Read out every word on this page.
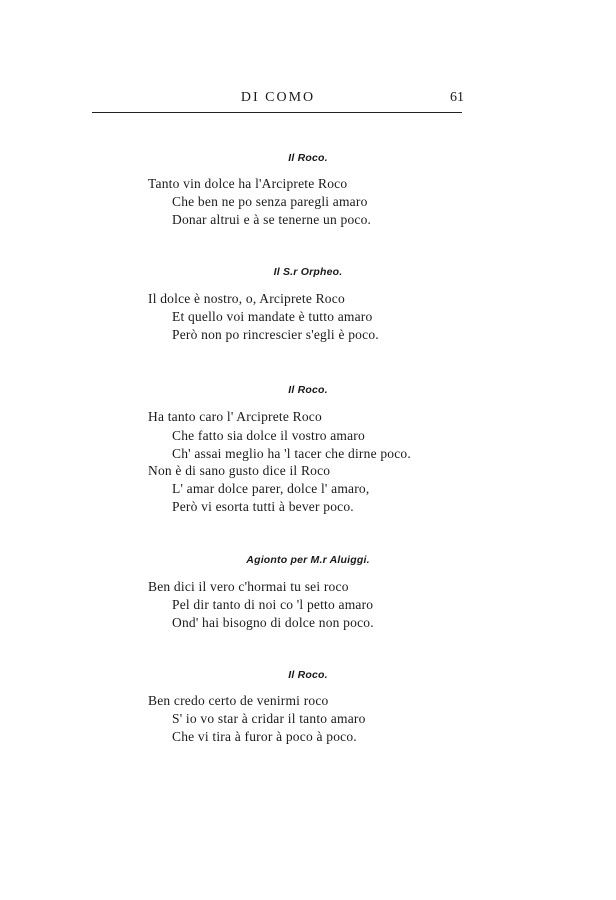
DI COMO	61
Il Roco.
Tanto vin dolce ha l'Arciprete Roco
Che ben ne po senza paregli amaro
Donar altrui e à se tenerne un poco.
Il S.r Orpheo.
Il dolce è nostro, o, Arciprete Roco
Et quello voi mandate è tutto amaro
Però non po rincrescier s'egli è poco.
Il Roco.
Ha tanto caro l' Arciprete Roco
Che fatto sia dolce il vostro amaro
Ch' assai meglio ha 'l tacer che dirne poco.
Non è di sano gusto dice il Roco
L' amar dolce parer, dolce l' amaro,
Però vi esorta tutti à bever poco.
Agionto per M.r Aluiggi.
Ben dici il vero c'hormai tu sei roco
Pel dir tanto di noi co 'l petto amaro
Ond' hai bisogno di dolce non poco.
Il Roco.
Ben credo certo de venirmi roco
S' io vo star à cridar il tanto amaro
Che vi tira à furor à poco à poco.
